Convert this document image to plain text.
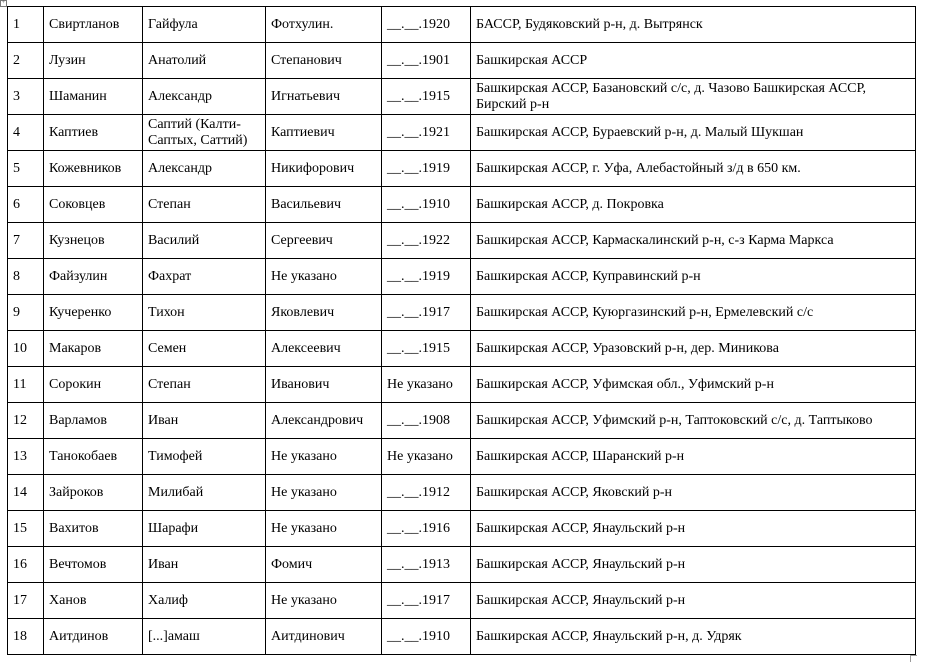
+
1	Свиртланов	Гайфула	Фотхулин.	__.__.1920	БАССР, Будяковский р-н, д. Вытрянск
2	Лузин	Анатолий	Степанович	__.__.1901	Башкирская АССР
3	Шаманин	Александр	Игнатьевич	__.__.1915	Башкирская АССР, Базановский с/с, д. Чазово Башкирская АССР, Бирский р-н
4	Каптиев	Саптий (Калти-Саптых, Саттий)	Каптиевич	__.__.1921	Башкирская АССР, Бураевский р-н, д. Малый Шукшан
5	Кожевников	Александр	Никифорович	__.__.1919	Башкирская АССР, г. Уфа, Алебастойный з/д в 650 км.
6	Соковцев	Степан	Васильевич	__.__.1910	Башкирская АССР, д. Покровка
7	Кузнецов	Василий	Сергеевич	__.__.1922	Башкирская АССР, Кармаскалинский р-н, с-з Карма Маркса
8	Файзулин	Фахрат	Не указано	__.__.1919	Башкирская АССР, Куправинский р-н
9	Кучеренко	Тихон	Яковлевич	__.__.1917	Башкирская АССР, Куюргазинский р-н, Ермелевский с/с
10	Макаров	Семен	Алексеевич	__.__.1915	Башкирская АССР, Уразовский р-н, дер. Миникова
11	Сорокин	Степан	Иванович	Не указано	Башкирская АССР, Уфимская обл., Уфимский р-н
12	Варламов	Иван	Александрович	__.__.1908	Башкирская АССР, Уфимский р-н, Таптоковский с/с, д. Таптыково
13	Танокобаев	Тимофей	Не указано	Не указано	Башкирская АССР, Шаранский р-н
14	Зайроков	Милибай	Не указано	__.__.1912	Башкирская АССР, Яковский р-н
15	Вахитов	Шарафи	Не указано	__.__.1916	Башкирская АССР, Янаульский р-н
16	Вечтомов	Иван	Фомич	__.__.1913	Башкирская АССР, Янаульский р-н
17	Ханов	Халиф	Не указано	__.__.1917	Башкирская АССР, Янаульский р-н
18	Аитдинов	[...]амаш	Аитдинович	__.__.1910	Башкирская АССР, Янаульский р-н, д. Удряк
